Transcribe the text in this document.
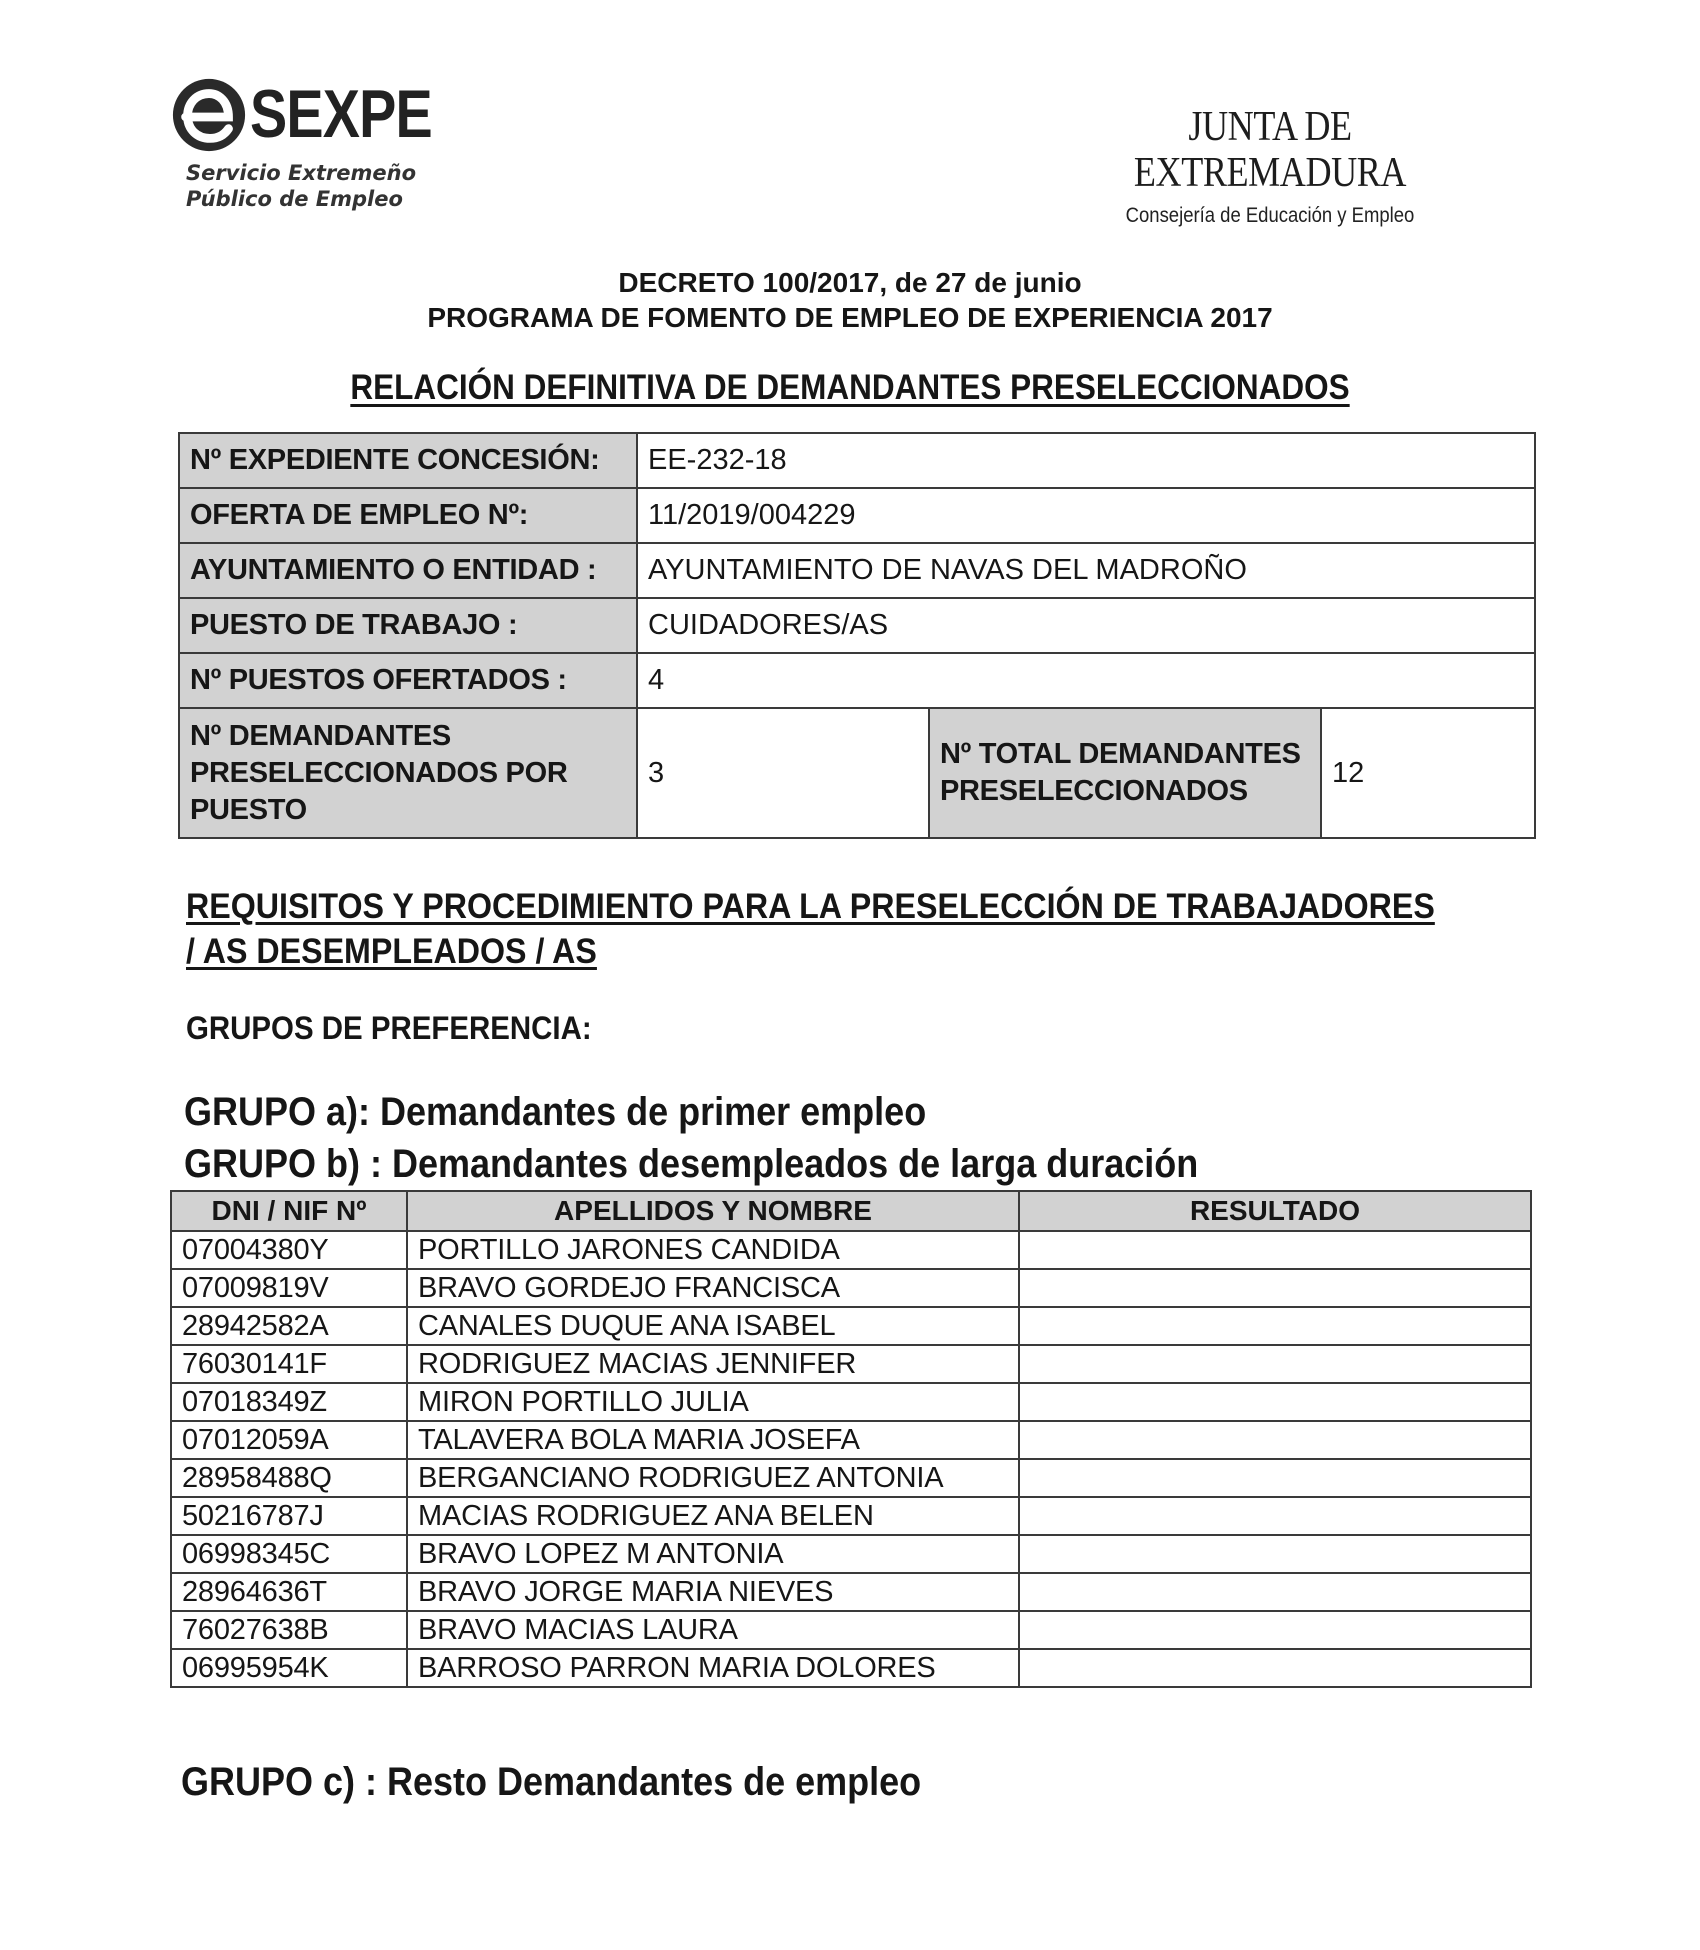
SEXPE
Servicio Extremeño
Público de Empleo
JUNTA DE EXTREMADURA
Consejería de Educación y Empleo
DECRETO 100/2017, de 27 de junio
PROGRAMA DE FOMENTO DE EMPLEO DE EXPERIENCIA 2017
RELACIÓN DEFINITIVA DE DEMANDANTES PRESELECCIONADOS
Nº EXPEDIENTE CONCESIÓN:	EE-232-18		
OFERTA DE EMPLEO Nº:	11/2019/004229		
AYUNTAMIENTO O ENTIDAD :	AYUNTAMIENTO DE NAVAS DEL MADROÑO		
PUESTO DE TRABAJO :	CUIDADORES/AS		
Nº PUESTOS OFERTADOS :	4		
Nº DEMANDANTES PRESELECCIONADOS POR PUESTO	3	Nº TOTAL DEMANDANTES PRESELECCIONADOS	12
REQUISITOS Y PROCEDIMIENTO PARA LA PRESELECCIÓN DE TRABAJADORES / AS DESEMPLEADOS / AS
GRUPOS DE PREFERENCIA:
GRUPO a): Demandantes de primer empleo
GRUPO b) : Demandantes desempleados de larga duración
DNI / NIF Nº	APELLIDOS Y NOMBRE	RESULTADO
07004380Y	PORTILLO JARONES CANDIDA	
07009819V	BRAVO GORDEJO FRANCISCA	
28942582A	CANALES DUQUE ANA ISABEL	
76030141F	RODRIGUEZ MACIAS JENNIFER	
07018349Z	MIRON PORTILLO JULIA	
07012059A	TALAVERA BOLA MARIA JOSEFA	
28958488Q	BERGANCIANO RODRIGUEZ ANTONIA	
50216787J	MACIAS RODRIGUEZ ANA BELEN	
06998345C	BRAVO LOPEZ M ANTONIA	
28964636T	BRAVO JORGE MARIA NIEVES	
76027638B	BRAVO MACIAS LAURA	
06995954K	BARROSO PARRON MARIA DOLORES	
GRUPO c) : Resto Demandantes de empleo
